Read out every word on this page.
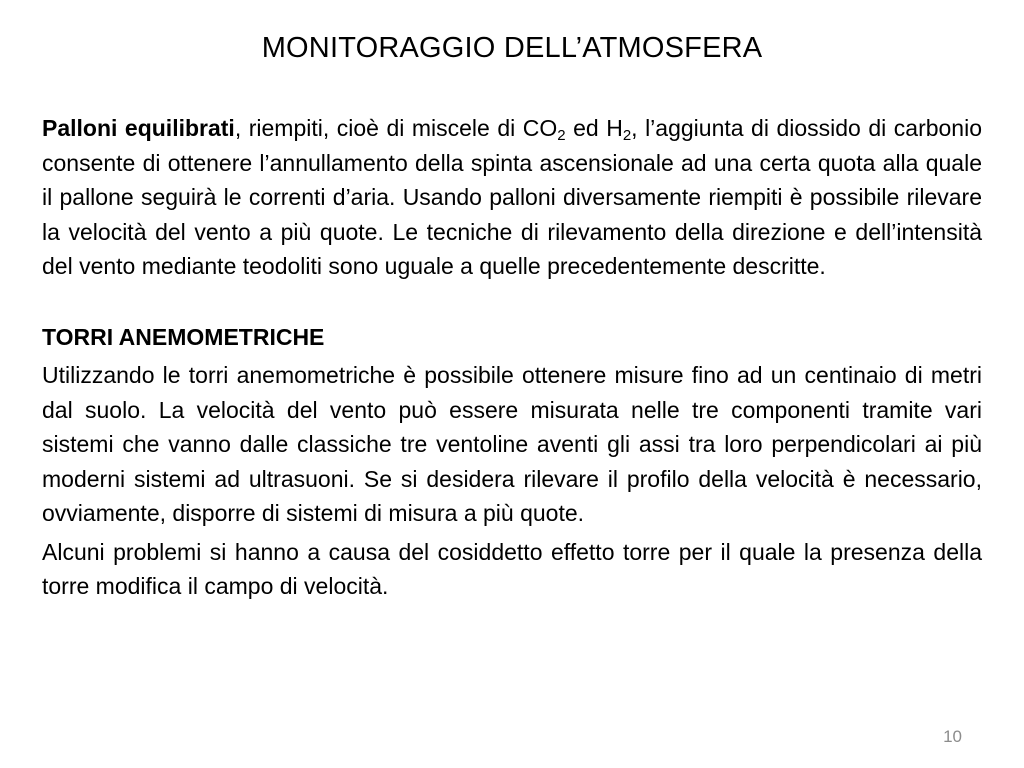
MONITORAGGIO DELL’ATMOSFERA

Palloni equilibrati, riempiti, cioè di miscele di $CO_2$ ed $H_2$, l’aggiunta di diossido di carbonio consente di ottenere l’annullamento della spinta ascensionale ad una certa quota alla quale il pallone seguirà le correnti d’aria. Usando palloni diversamente riempiti è possibile rilevare la velocità del vento a più quote. Le tecniche di rilevamento della direzione e dell’intensità del vento mediante teodoliti sono uguale a quelle precedentemente descritte.

TORRI ANEMOMETRICHE

Utilizzando le torri anemometriche è possibile ottenere misure fino ad un centinaio di metri dal suolo. La velocità del vento può essere misurata nelle tre componenti tramite vari sistemi che vanno dalle classiche tre ventoline aventi gli assi tra loro perpendicolari ai più moderni sistemi ad ultrasuoni. Se si desidera rilevare il profilo della velocità è necessario, ovviamente, disporre di sistemi di misura a più quote.

Alcuni problemi si hanno a causa del cosiddetto effetto torre per il quale la presenza della torre modifica il campo di velocità.

10
